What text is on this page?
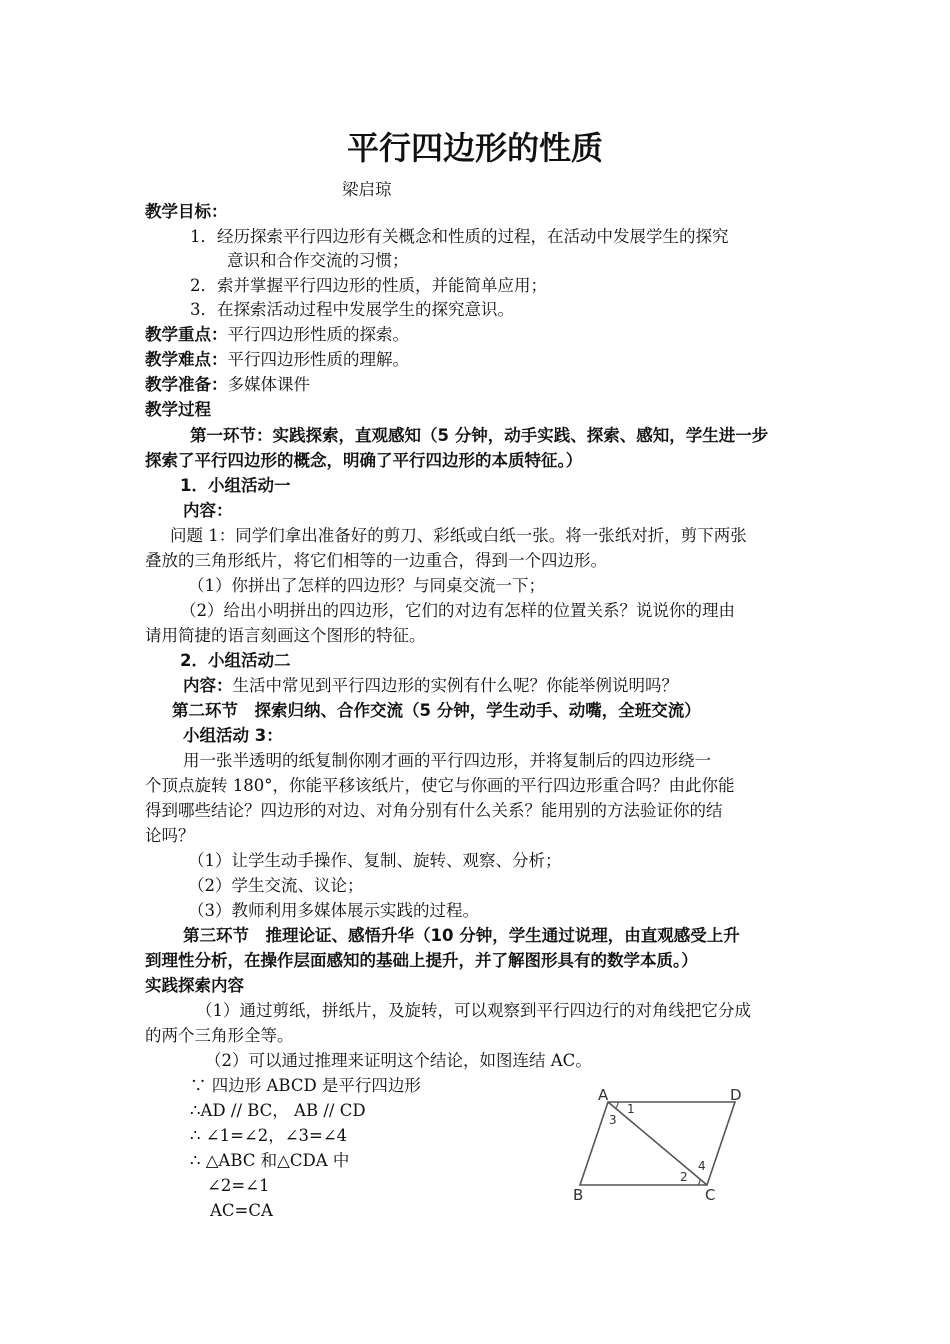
平行四边形的性质
梁启琼
教学目标：
1．经历探索平行四边形有关概念和性质的过程，在活动中发展学生的探究
意识和合作交流的习惯；
2．索并掌握平行四边形的性质，并能简单应用；
3．在探索活动过程中发展学生的探究意识。
教学重点：平行四边形性质的探索。
教学难点：平行四边形性质的理解。
教学准备：多媒体课件
教学过程
第一环节：实践探索，直观感知（5 分钟，动手实践、探索、感知，学生进一步
探索了平行四边形的概念，明确了平行四边形的本质特征。）
1．小组活动一
内容：
问题 1：同学们拿出准备好的剪刀、彩纸或白纸一张。将一张纸对折，剪下两张
叠放的三角形纸片，将它们相等的一边重合，得到一个四边形。
（1）你拼出了怎样的四边形？与同桌交流一下；
（2）给出小明拼出的四边形，它们的对边有怎样的位置关系？说说你的理由
请用简捷的语言刻画这个图形的特征。
2．小组活动二
内容：生活中常见到平行四边形的实例有什么呢？你能举例说明吗？
第二环节　探索归纳、合作交流（5 分钟，学生动手、动嘴，全班交流）
小组活动 3：
用一张半透明的纸复制你刚才画的平行四边形，并将复制后的四边形绕一
个顶点旋转 180°，你能平移该纸片，使它与你画的平行四边形重合吗？由此你能
得到哪些结论？四边形的对边、对角分别有什么关系？能用别的方法验证你的结
论吗？
（1）让学生动手操作、复制、旋转、观察、分析；
（2）学生交流、议论；
（3）教师利用多媒体展示实践的过程。
第三环节　推理论证、感悟升华（10 分钟，学生通过说理，由直观感受上升
到理性分析，在操作层面感知的基础上提升，并了解图形具有的数学本质。）
实践探索内容
（1）通过剪纸，拼纸片，及旋转，可以观察到平行四边行的对角线把它分成
的两个三角形全等。
（2）可以通过推理来证明这个结论，如图连结 AC。
∵ 四边形 ABCD 是平行四边形
∴AD // BC， AB // CD
∴ ∠1=∠2，∠3=∠4
∴ △ABC 和△CDA 中
∠2=∠1
AC=CA
A
B	C
D
1
3
2
4
